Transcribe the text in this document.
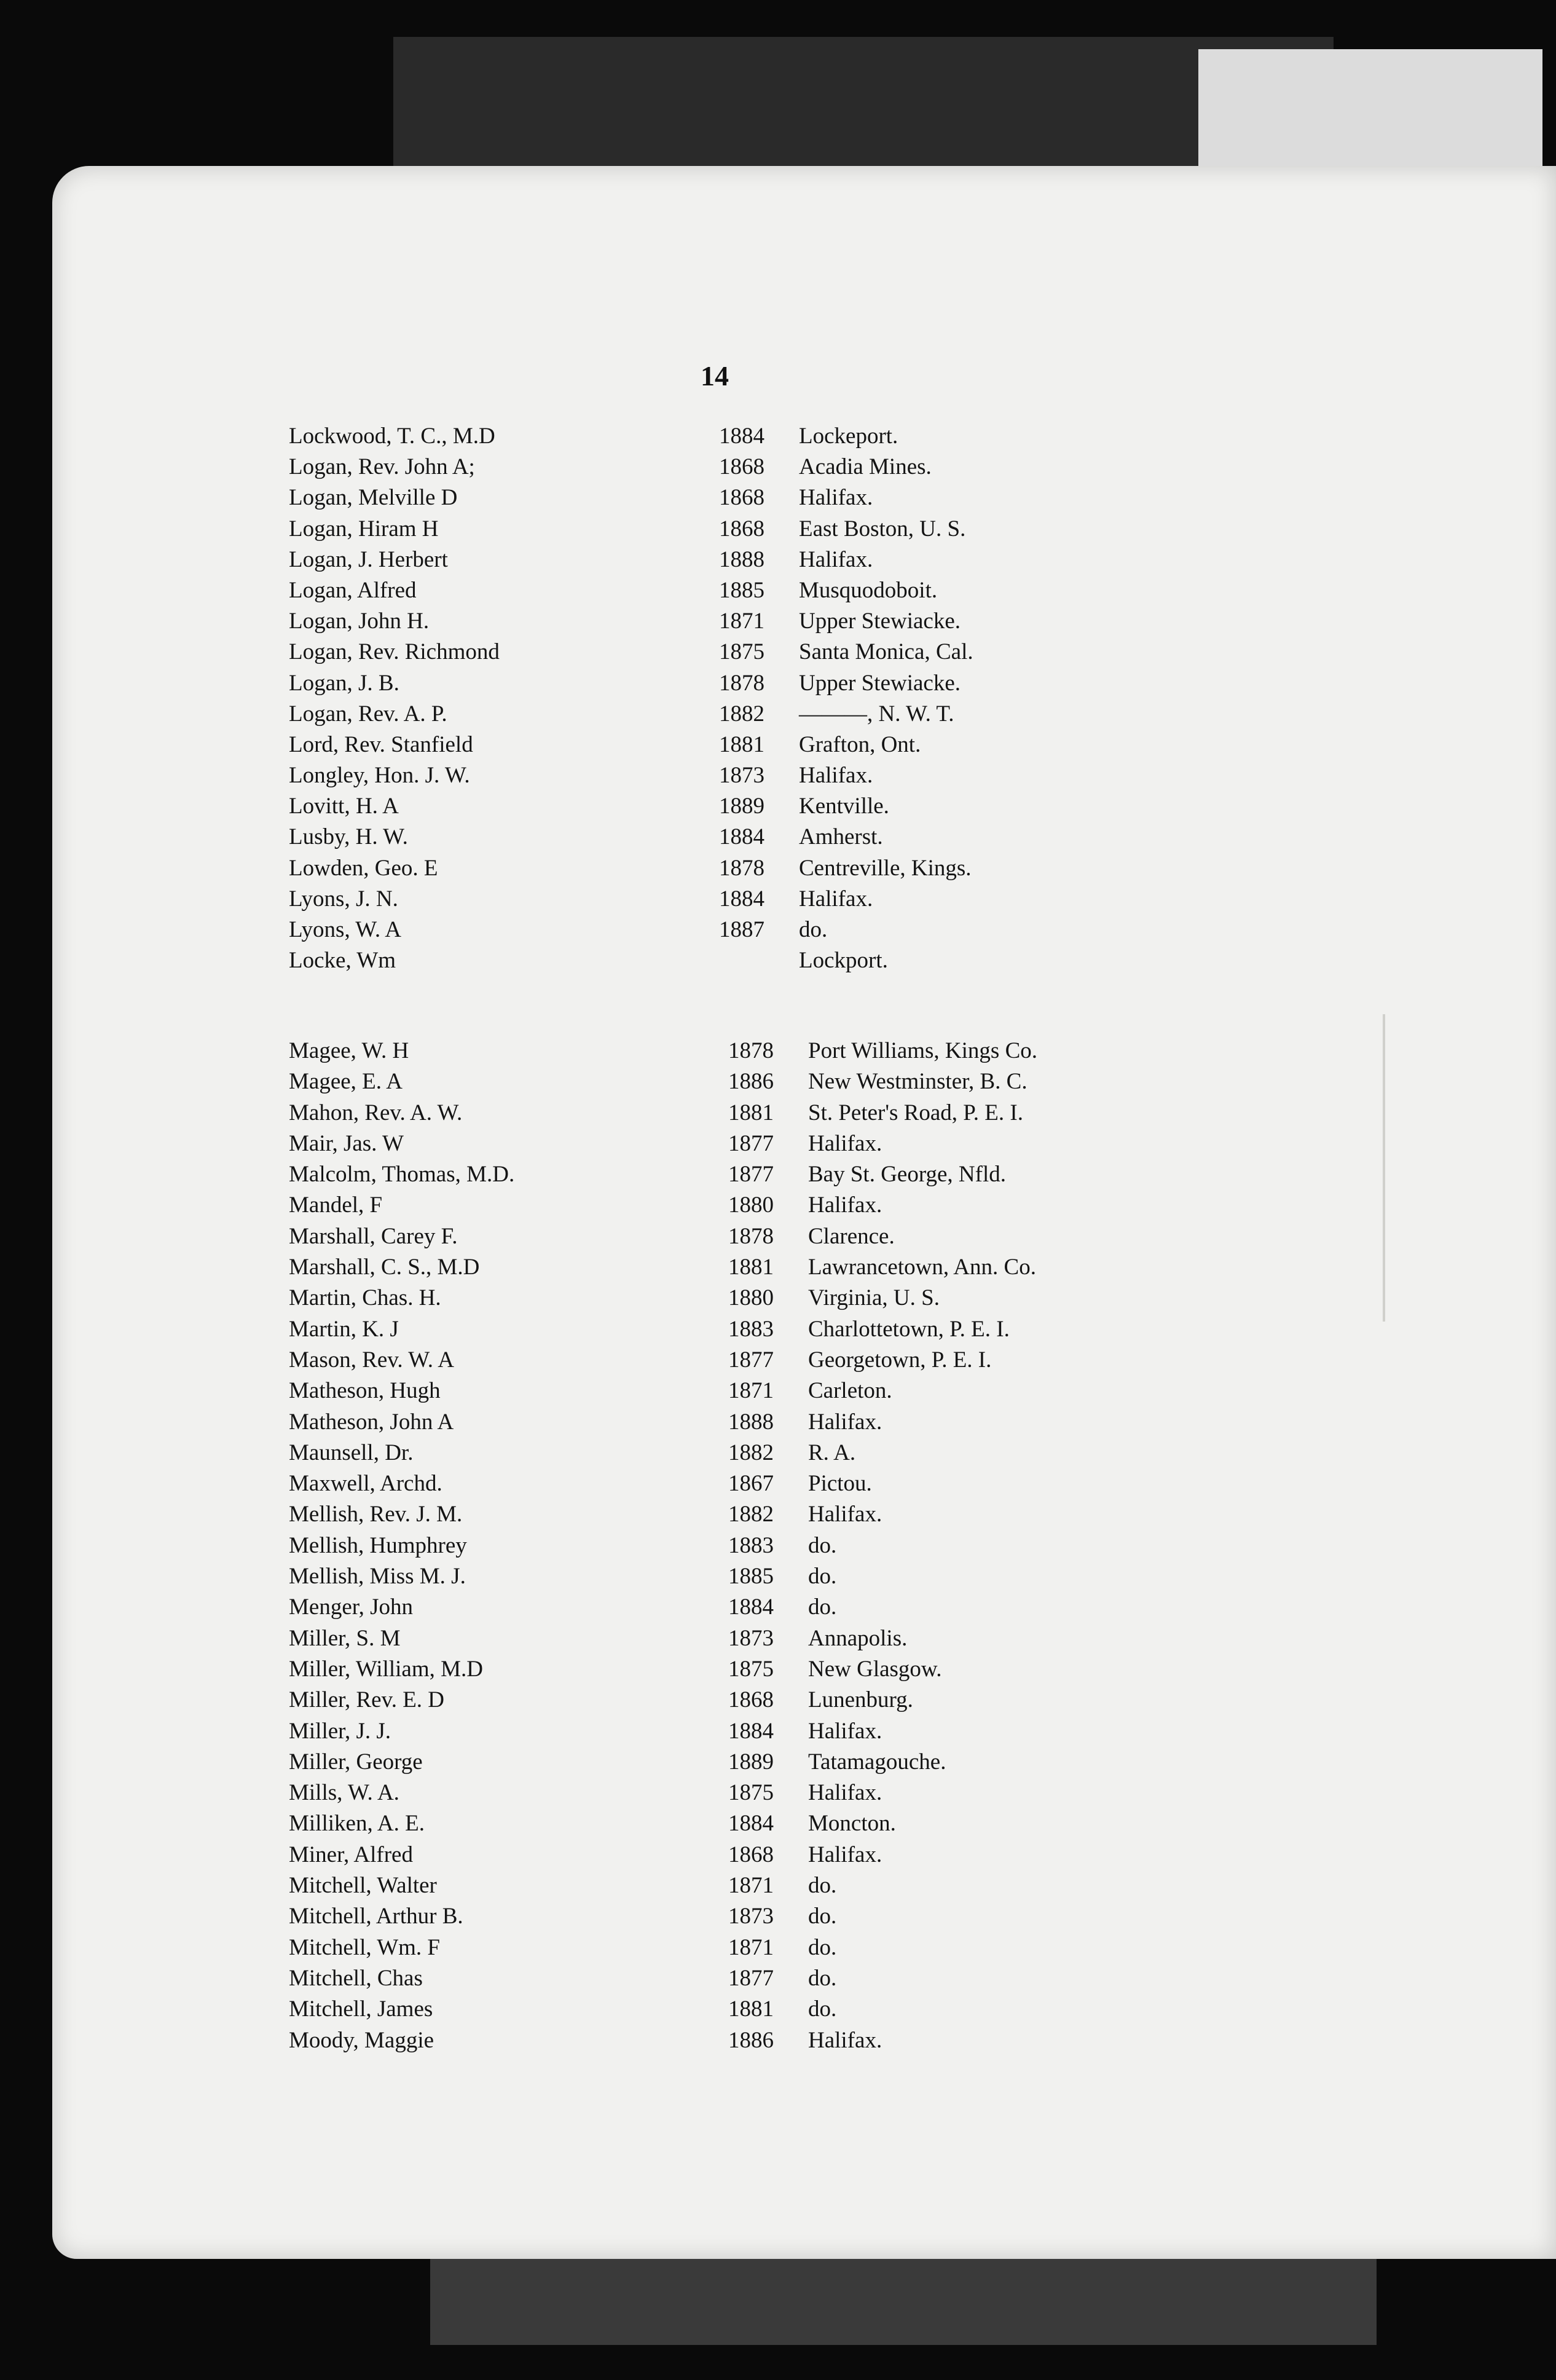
14
Lockwood, T. C., M.D . . .	1884 Lockeport.
Logan, Rev. John A; . . .	1868 Acadia Mines.
Logan, Melville D . . .	1868 Halifax.
Logan, Hiram H . . .	1868 East Boston, U. S.
Logan, J. Herbert . . .	1888 Halifax.
Logan, Alfred . . .	1885 Musquodoboit.
Logan, John H. . . .	1871 Upper Stewiacke.
Logan, Rev. Richmond . . .	1875 Santa Monica, Cal.
Logan, J. B. . . .	1878 Upper Stewiacke.
Logan, Rev. A. P. . . .	1882 ———, N. W. T.
Lord, Rev. Stanfield . . .	1881 Grafton, Ont.
Longley, Hon. J. W. . . .	1873 Halifax.
Lovitt, H. A . . .	1889 Kentville.
Lusby, H. W. . . .	1884 Amherst.
Lowden, Geo. E . . .	1878 Centreville, Kings.
Lyons, J. N. . . .	1884 Halifax.
Lyons, W. A . . .	1887 do.
Locke, Wm . . .	Lockport.
Magee, W. H . . .	1878 Port Williams, Kings Co.
Magee, E. A . . .	1886 New Westminster, B. C.
Mahon, Rev. A. W. . . .	1881 St. Peter's Road, P. E. I.
Mair, Jas. W . . .	1877 Halifax.
Malcolm, Thomas, M.D. . . .	1877 Bay St. George, Nfld.
Mandel, F . . .	1880 Halifax.
Marshall, Carey F. . . .	1878 Clarence.
Marshall, C. S., M.D . . .	1881 Lawrancetown, Ann. Co.
Martin, Chas. H. . . .	1880 Virginia, U. S.
Martin, K. J . . .	1883 Charlottetown, P. E. I.
Mason, Rev. W. A . . .	1877 Georgetown, P. E. I.
Matheson, Hugh . . .	1871 Carleton.
Matheson, John A . . .	1888 Halifax.
Maunsell, Dr. . . .	1882 R. A.
Maxwell, Archd. . . .	1867 Pictou.
Mellish, Rev. J. M. . . .	1882 Halifax.
Mellish, Humphrey . . .	1883 do.
Mellish, Miss M. J. . . .	1885 do.
Menger, John . . .	1884 do.
Miller, S. M . . .	1873 Annapolis.
Miller, William, M.D . . .	1875 New Glasgow.
Miller, Rev. E. D . . .	1868 Lunenburg.
Miller, J. J. . . .	1884 Halifax.
Miller, George . . .	1889 Tatamagouche.
Mills, W. A. . . .	1875 Halifax.
Milliken, A. E. . . .	1884 Moncton.
Miner, Alfred . . .	1868 Halifax.
Mitchell, Walter . . .	1871 do.
Mitchell, Arthur B. . . .	1873 do.
Mitchell, Wm. F . . .	1871 do.
Mitchell, Chas . . .	1877 do.
Mitchell, James . . .	1881 do.
Moody, Maggie . . .	1886 Halifax.
